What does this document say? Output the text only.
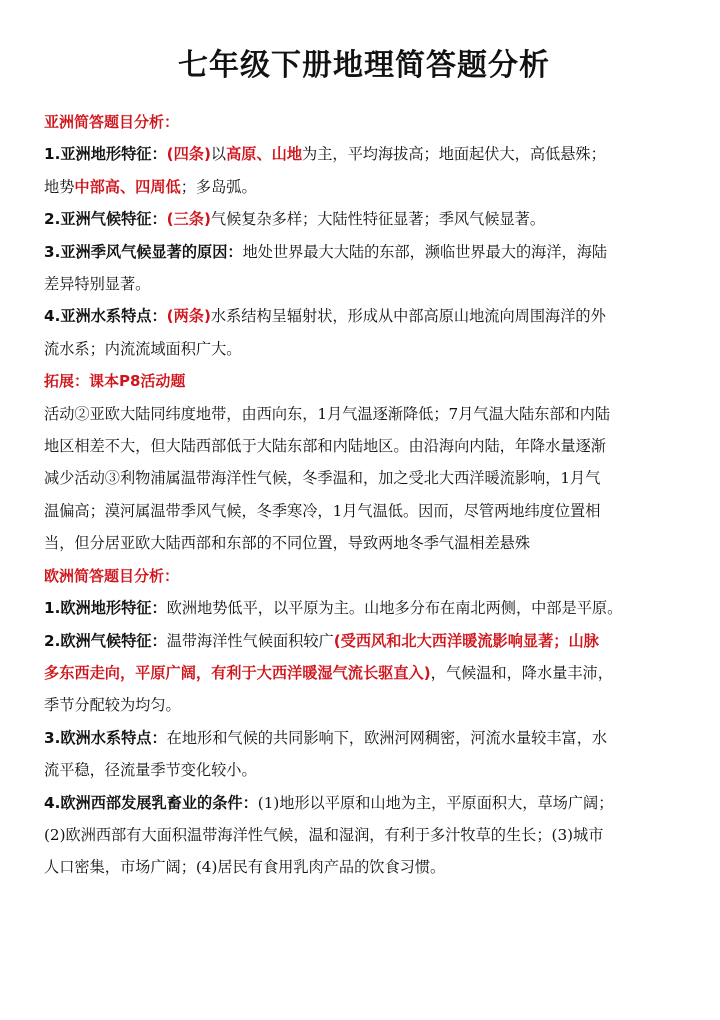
七年级下册地理简答题分析
亚洲简答题目分析：
1.亚洲地形特征：(四条)以高原、山地为主，平均海拔高；地面起伏大，高低悬殊；
地势中部高、四周低；多岛弧。
2.亚洲气候特征：(三条)气候复杂多样；大陆性特征显著；季风气候显著。
3.亚洲季风气候显著的原因：地处世界最大大陆的东部，濒临世界最大的海洋，海陆
差异特别显著。
4.亚洲水系特点：(两条)水系结构呈辐射状，形成从中部高原山地流向周围海洋的外
流水系；内流流域面积广大。
拓展：课本P8活动题
活动②亚欧大陆同纬度地带，由西向东，1月气温逐渐降低；7月气温大陆东部和内陆
地区相差不大，但大陆西部低于大陆东部和内陆地区。由沿海向内陆，年降水量逐渐
减少活动③利物浦属温带海洋性气候，冬季温和，加之受北大西洋暖流影响，1月气
温偏高；漠河属温带季风气候，冬季寒冷，1月气温低。因而，尽管两地纬度位置相
当，但分居亚欧大陆西部和东部的不同位置，导致两地冬季气温相差悬殊
欧洲简答题目分析：
1.欧洲地形特征：欧洲地势低平，以平原为主。山地多分布在南北两侧，中部是平原。
2.欧洲气候特征：温带海洋性气候面积较广(受西风和北大西洋暖流影响显著；山脉
多东西走向，平原广阔，有利于大西洋暖湿气流长驱直入)，气候温和，降水量丰沛，
季节分配较为均匀。
3.欧洲水系特点：在地形和气候的共同影响下，欧洲河网稠密，河流水量较丰富，水
流平稳，径流量季节变化较小。
4.欧洲西部发展乳畜业的条件：(1)地形以平原和山地为主，平原面积大，草场广阔；
(2)欧洲西部有大面积温带海洋性气候，温和湿润，有利于多汁牧草的生长；(3)城市
人口密集，市场广阔；(4)居民有食用乳肉产品的饮食习惯。
